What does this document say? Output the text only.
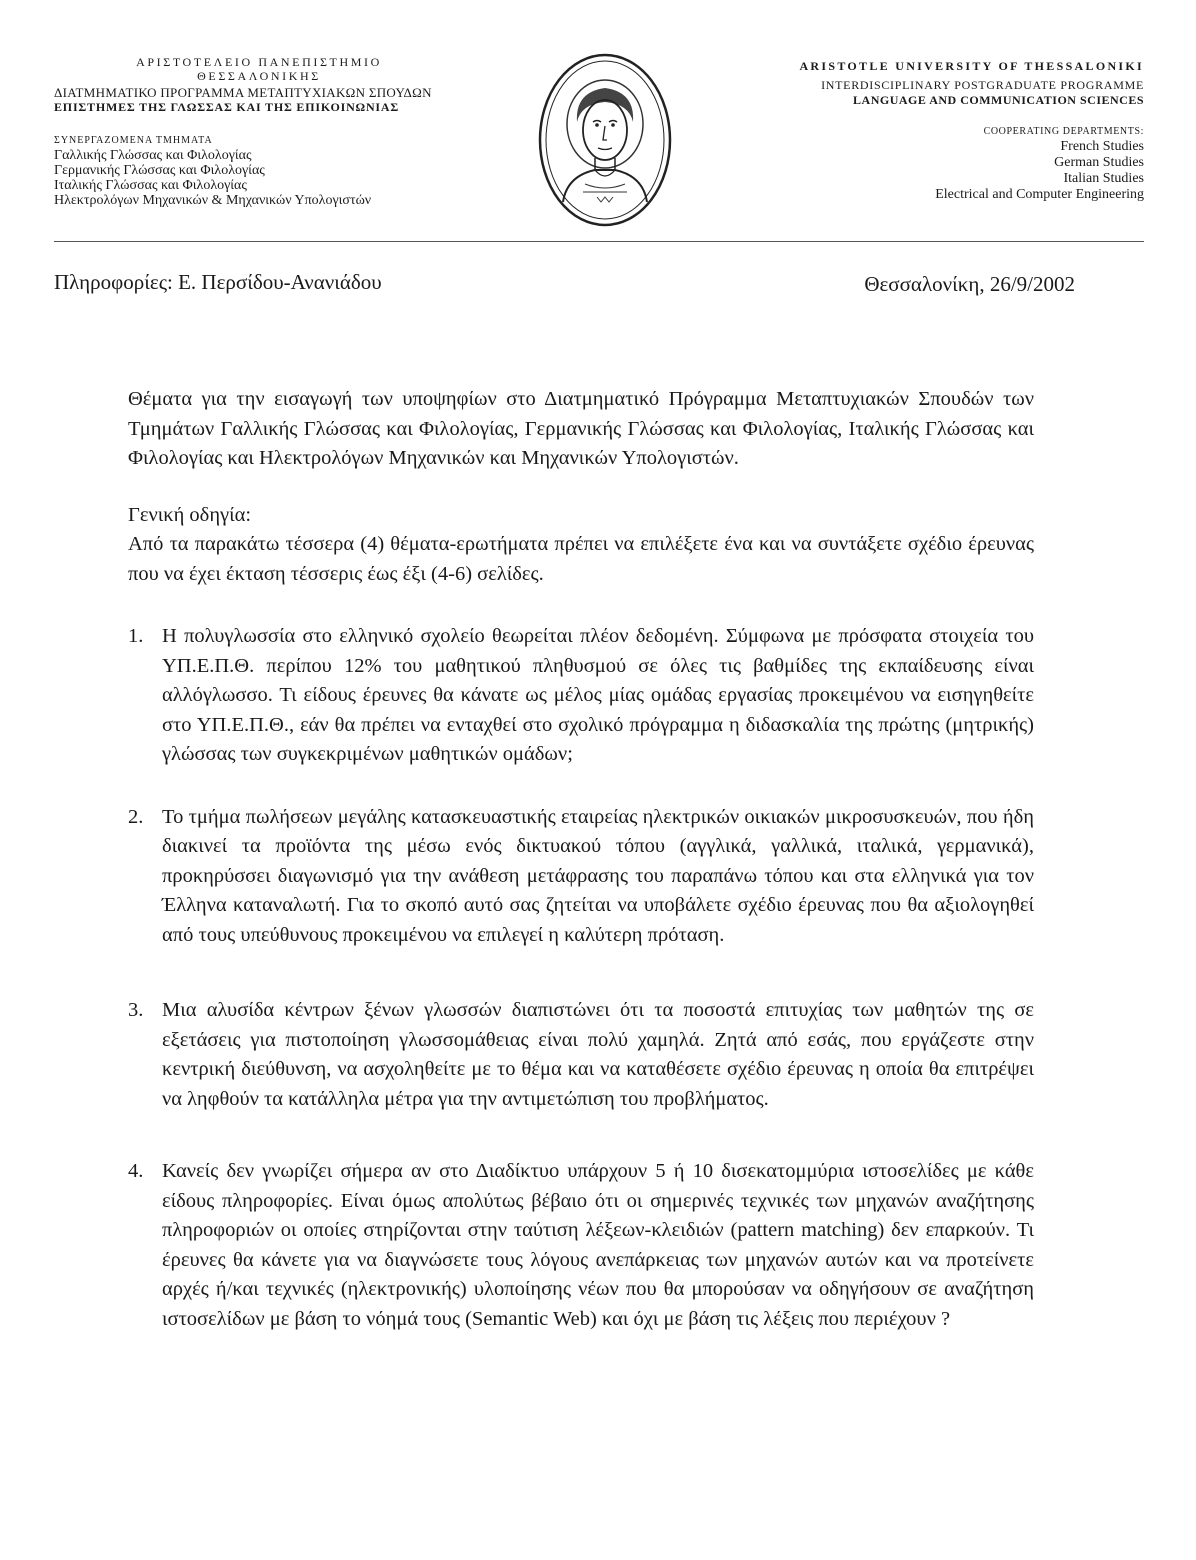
ΑΡΙΣΤΟΤΕΛΕΙΟ ΠΑΝΕΠΙΣΤΗΜΙΟ ΘΕΣΣΑΛΟΝΙΚΗΣ
ΔΙΑΤΜΗΜΑΤΙΚΟ ΠΡΟΓΡΑΜΜΑ ΜΕΤΑΠΤΥΧΙΑΚΩΝ ΣΠΟΥΔΩΝ
ΕΠΙΣΤΗΜΕΣ ΤΗΣ ΓΛΩΣΣΑΣ ΚΑΙ ΤΗΣ ΕΠΙΚΟΙΝΩΝΙΑΣ
ΣΥΝΕΡΓΑΖΟΜΕΝΑ ΤΜΗΜΑΤΑ
Γαλλικής Γλώσσας και Φιλολογίας
Γερμανικής Γλώσσας και Φιλολογίας
Ιταλικής Γλώσσας και Φιλολογίας
Ηλεκτρολόγων Μηχανικών & Μηχανικών Υπολογιστών
ARISTOTLE UNIVERSITY OF THESSALONIKI
INTERDISCIPLINARY POSTGRADUATE PROGRAMME
LANGUAGE AND COMMUNICATION SCIENCES
COOPERATING DEPARTMENTS:
French Studies
German Studies
Italian Studies
Electrical and Computer Engineering
Πληροφορίες: Ε. Περσίδου-Ανανιάδου	Θεσσαλονίκη, 26/9/2002

Θέματα για την εισαγωγή των υποψηφίων στο Διατμηματικό Πρόγραμμα Μεταπτυχιακών Σπουδών των Τμημάτων Γαλλικής Γλώσσας και Φιλολογίας, Γερμανικής Γλώσσας και Φιλολογίας, Ιταλικής Γλώσσας και Φιλολογίας και Ηλεκτρολόγων Μηχανικών και Μηχανικών Υπολογιστών.

Γενική οδηγία:

Από τα παρακάτω τέσσερα (4) θέματα-ερωτήματα πρέπει να επιλέξετε ένα και να συντάξετε σχέδιο έρευνας που να έχει έκταση τέσσερις έως έξι (4-6) σελίδες.

1. Η πολυγλωσσία στο ελληνικό σχολείο θεωρείται πλέον δεδομένη. Σύμφωνα με πρόσφατα στοιχεία του ΥΠ.Ε.Π.Θ. περίπου 12% του μαθητικού πληθυσμού σε όλες τις βαθμίδες της εκπαίδευσης είναι αλλόγλωσσο. Τι είδους έρευνες θα κάνατε ως μέλος μίας ομάδας εργασίας προκειμένου να εισηγηθείτε στο ΥΠ.Ε.Π.Θ., εάν θα πρέπει να ενταχθεί στο σχολικό πρόγραμμα η διδασκαλία της πρώτης (μητρικής) γλώσσας των συγκεκριμένων μαθητικών ομάδων;
2. Το τμήμα πωλήσεων μεγάλης κατασκευαστικής εταιρείας ηλεκτρικών οικιακών μικροσυσκευών, που ήδη διακινεί τα προϊόντα της μέσω ενός δικτυακού τόπου (αγγλικά, γαλλικά, ιταλικά, γερμανικά), προκηρύσσει διαγωνισμό για την ανάθεση μετάφρασης του παραπάνω τόπου και στα ελληνικά για τον Έλληνα καταναλωτή. Για το σκοπό αυτό σας ζητείται να υποβάλετε σχέδιο έρευνας που θα αξιολογηθεί από τους υπεύθυνους προκειμένου να επιλεγεί η καλύτερη πρόταση.
3. Μια αλυσίδα κέντρων ξένων γλωσσών διαπιστώνει ότι τα ποσοστά επιτυχίας των μαθητών της σε εξετάσεις για πιστοποίηση γλωσσομάθειας είναι πολύ χαμηλά. Ζητά από εσάς, που εργάζεστε στην κεντρική διεύθυνση, να ασχοληθείτε με το θέμα και να καταθέσετε σχέδιο έρευνας η οποία θα επιτρέψει να ληφθούν τα κατάλληλα μέτρα για την αντιμετώπιση του προβλήματος.
4. Κανείς δεν γνωρίζει σήμερα αν στο Διαδίκτυο υπάρχουν 5 ή 10 δισεκατομμύρια ιστοσελίδες με κάθε είδους πληροφορίες. Είναι όμως απολύτως βέβαιο ότι οι σημερινές τεχνικές των μηχανών αναζήτησης πληροφοριών οι οποίες στηρίζονται στην ταύτιση λέξεων-κλειδιών (pattern matching) δεν επαρκούν. Τι έρευνες θα κάνετε για να διαγνώσετε τους λόγους ανεπάρκειας των μηχανών αυτών και να προτείνετε αρχές ή/και τεχνικές (ηλεκτρονικής) υλοποίησης νέων που θα μπορούσαν να οδηγήσουν σε αναζήτηση ιστοσελίδων με βάση το νόημά τους (Semantic Web) και όχι με βάση τις λέξεις που περιέχουν ?
